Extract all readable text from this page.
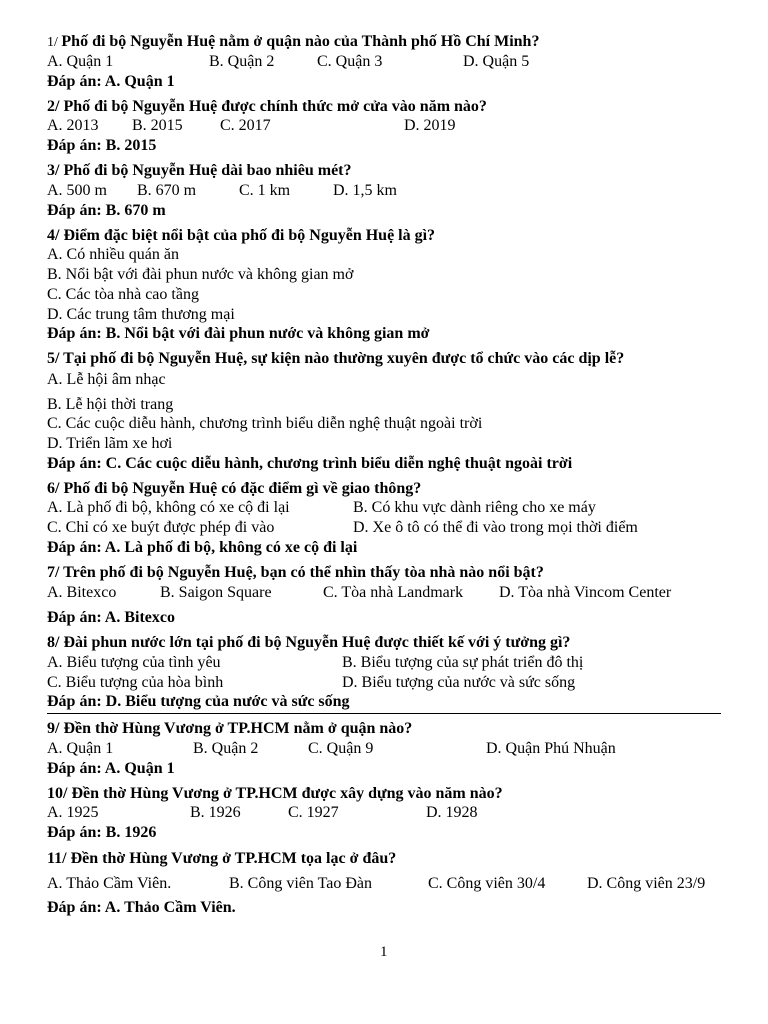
1/ Phố đi bộ Nguyễn Huệ nằm ở quận nào của Thành phố Hồ Chí Minh?
A. Quận 1	B. Quận 2	C. Quận 3	D. Quận 5
Đáp án: A. Quận 1
2/ Phố đi bộ Nguyễn Huệ được chính thức mở cửa vào năm nào?
A. 2013 B. 2015 C. 2017	D. 2019
Đáp án: B. 2015
3/ Phố đi bộ Nguyễn Huệ dài bao nhiêu mét?
A. 500 m B. 670 m	C. 1 km	D. 1,5 km
Đáp án: B. 670 m
4/ Điểm đặc biệt nổi bật của phố đi bộ Nguyễn Huệ là gì?
A. Có nhiều quán ăn
B. Nổi bật với đài phun nước và không gian mở
C. Các tòa nhà cao tầng
D. Các trung tâm thương mại
Đáp án: B. Nổi bật với đài phun nước và không gian mở
5/ Tại phố đi bộ Nguyễn Huệ, sự kiện nào thường xuyên được tổ chức vào các dịp lễ?
A. Lễ hội âm nhạc
B. Lễ hội thời trang
C. Các cuộc diễu hành, chương trình biểu diễn nghệ thuật ngoài trời
D. Triển lãm xe hơi
Đáp án: C. Các cuộc diễu hành, chương trình biểu diễn nghệ thuật ngoài trời
6/ Phố đi bộ Nguyễn Huệ có đặc điểm gì về giao thông?
A. Là phố đi bộ, không có xe cộ đi lại	B. Có khu vực dành riêng cho xe máy
C. Chỉ có xe buýt được phép đi vào	D. Xe ô tô có thể đi vào trong mọi thời điểm
Đáp án: A. Là phố đi bộ, không có xe cộ đi lại
7/ Trên phố đi bộ Nguyễn Huệ, bạn có thể nhìn thấy tòa nhà nào nổi bật?
A. Bitexco	B. Saigon Square	C. Tòa nhà Landmark D. Tòa nhà Vincom Center
Đáp án: A. Bitexco
8/ Đài phun nước lớn tại phố đi bộ Nguyễn Huệ được thiết kế với ý tưởng gì?
A. Biểu tượng của tình yêu	B. Biểu tượng của sự phát triển đô thị
C. Biểu tượng của hòa bình	D. Biểu tượng của nước và sức sống
Đáp án: D. Biểu tượng của nước và sức sống
9/ Đền thờ Hùng Vương ở TP.HCM nằm ở quận nào?
A. Quận 1	B. Quận 2	C. Quận 9	D. Quận Phú Nhuận
Đáp án: A. Quận 1
10/ Đền thờ Hùng Vương ở TP.HCM được xây dựng vào năm nào?
A. 1925	B. 1926	C. 1927	D. 1928
Đáp án: B. 1926
11/ Đền thờ Hùng Vương ở TP.HCM tọa lạc ở đâu?
A. Thảo Cầm Viên.	B. Công viên Tao Đàn	C. Công viên 30/4	D. Công viên 23/9
Đáp án: A. Thảo Cầm Viên.
1
